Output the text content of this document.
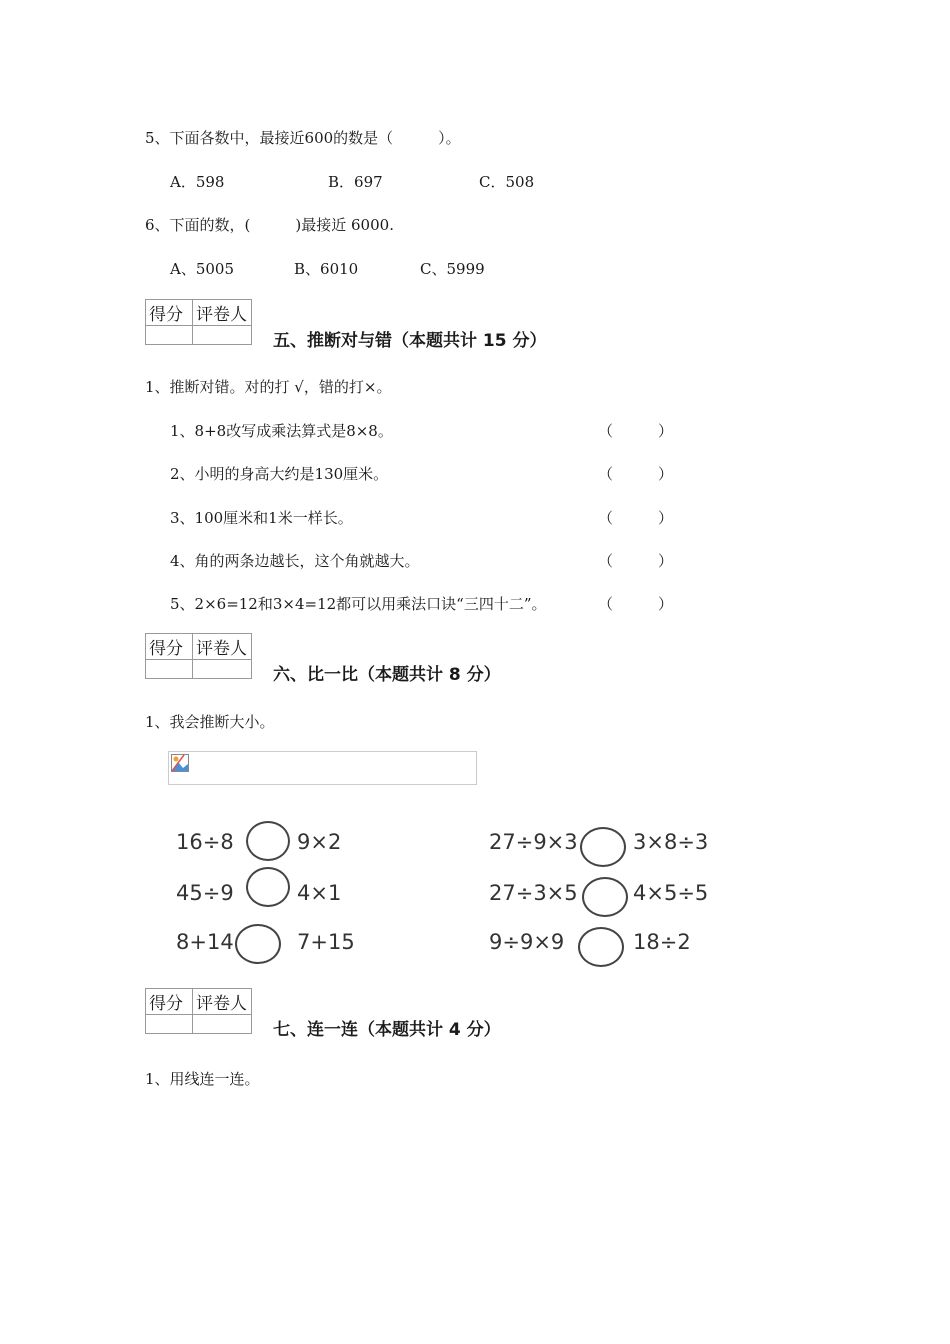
5、下面各数中，最接近600的数是（　　　）。
A．598	B．697	C．508
6、下面的数，(　　　)最接近 6000.
A、5005	B、6010	C、5999
得分	评卷人

五、推断对与错（本题共计 15 分）
1、推断对错。对的打 √，错的打×。
1、8+8改写成乘法算式是8×8。	（　　　）
2、小明的身高大约是130厘米。	（　　　）
3、100厘米和1米一样长。	（　　　）
4、角的两条边越长，这个角就越大。	（　　　）
5、2×6=12和3×4=12都可以用乘法口诀“三四十二”。	（　　　）
得分	评卷人

六、比一比（本题共计 8 分）
1、我会推断大小。
16÷8	9×2
45÷9	4×1
8+14	7+15
27÷9×3	3×8÷3
27÷3×5	4×5÷5
9÷9×9	18÷2
得分	评卷人

七、连一连（本题共计 4 分）
1、用线连一连。
